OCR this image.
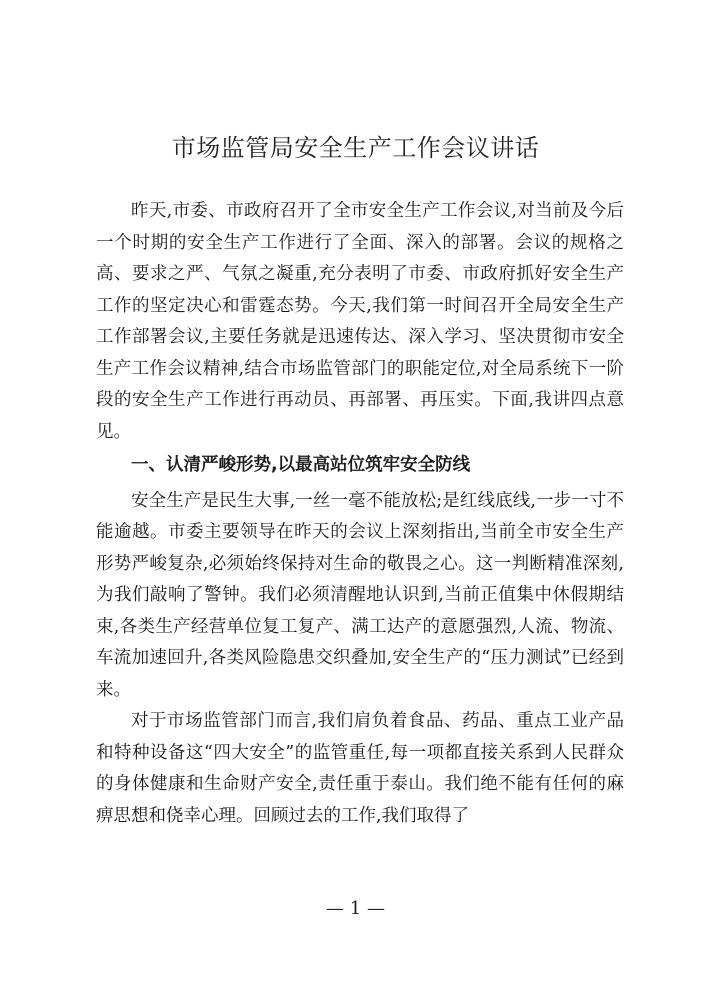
市场监管局安全生产工作会议讲话

昨天,市委、市政府召开了全市安全生产工作会议,对当前及今后一个时期的安全生产工作进行了全面、深入的部署。会议的规格之高、要求之严、气氛之凝重,充分表明了市委、市政府抓好安全生产工作的坚定决心和雷霆态势。今天,我们第一时间召开全局安全生产工作部署会议,主要任务就是迅速传达、深入学习、坚决贯彻市安全生产工作会议精神,结合市场监管部门的职能定位,对全局系统下一阶段的安全生产工作进行再动员、再部署、再压实。下面,我讲四点意见。

一、认清严峻形势,以最高站位筑牢安全防线

安全生产是民生大事,一丝一毫不能放松;是红线底线,一步一寸不能逾越。市委主要领导在昨天的会议上深刻指出,当前全市安全生产形势严峻复杂,必须始终保持对生命的敬畏之心。这一判断精准深刻,为我们敲响了警钟。我们必须清醒地认识到,当前正值集中休假期结束,各类生产经营单位复工复产、满工达产的意愿强烈,人流、物流、车流加速回升,各类风险隐患交织叠加,安全生产的“压力测试”已经到来。

对于市场监管部门而言,我们肩负着食品、药品、重点工业产品和特种设备这“四大安全”的监管重任,每一项都直接关系到人民群众的身体健康和生命财产安全,责任重于泰山。我们绝不能有任何的麻痹思想和侥幸心理。回顾过去的工作,我们取得了

— 1 —
